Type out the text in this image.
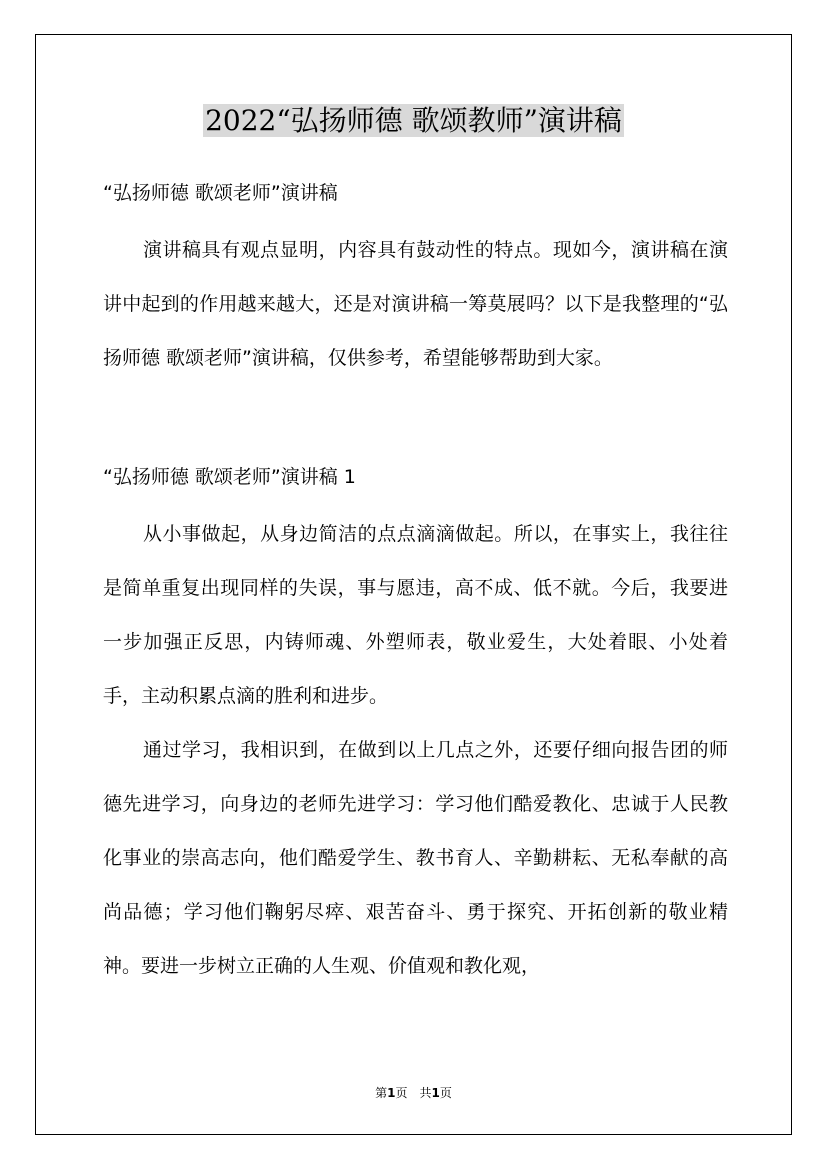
2022“弘扬师德 歌颂教师”演讲稿

“弘扬师德 歌颂老师”演讲稿

演讲稿具有观点显明，内容具有鼓动性的特点。现如今，演讲稿在演讲中起到的作用越来越大，还是对演讲稿一筹莫展吗？以下是我整理的“弘扬师德 歌颂老师”演讲稿，仅供参考，希望能够帮助到大家。

“弘扬师德 歌颂老师”演讲稿 1

从小事做起，从身边简洁的点点滴滴做起。所以，在事实上，我往往是简单重复出现同样的失误，事与愿违，高不成、低不就。今后，我要进一步加强正反思，内铸师魂、外塑师表，敬业爱生，大处着眼、小处着手，主动积累点滴的胜利和进步。

通过学习，我相识到，在做到以上几点之外，还要仔细向报告团的师德先进学习，向身边的老师先进学习：学习他们酷爱教化、忠诚于人民教化事业的崇高志向，他们酷爱学生、教书育人、辛勤耕耘、无私奉献的高尚品德；学习他们鞠躬尽瘁、艰苦奋斗、勇于探究、开拓创新的敬业精神。要进一步树立正确的人生观、价值观和教化观，

第1页 共1页
